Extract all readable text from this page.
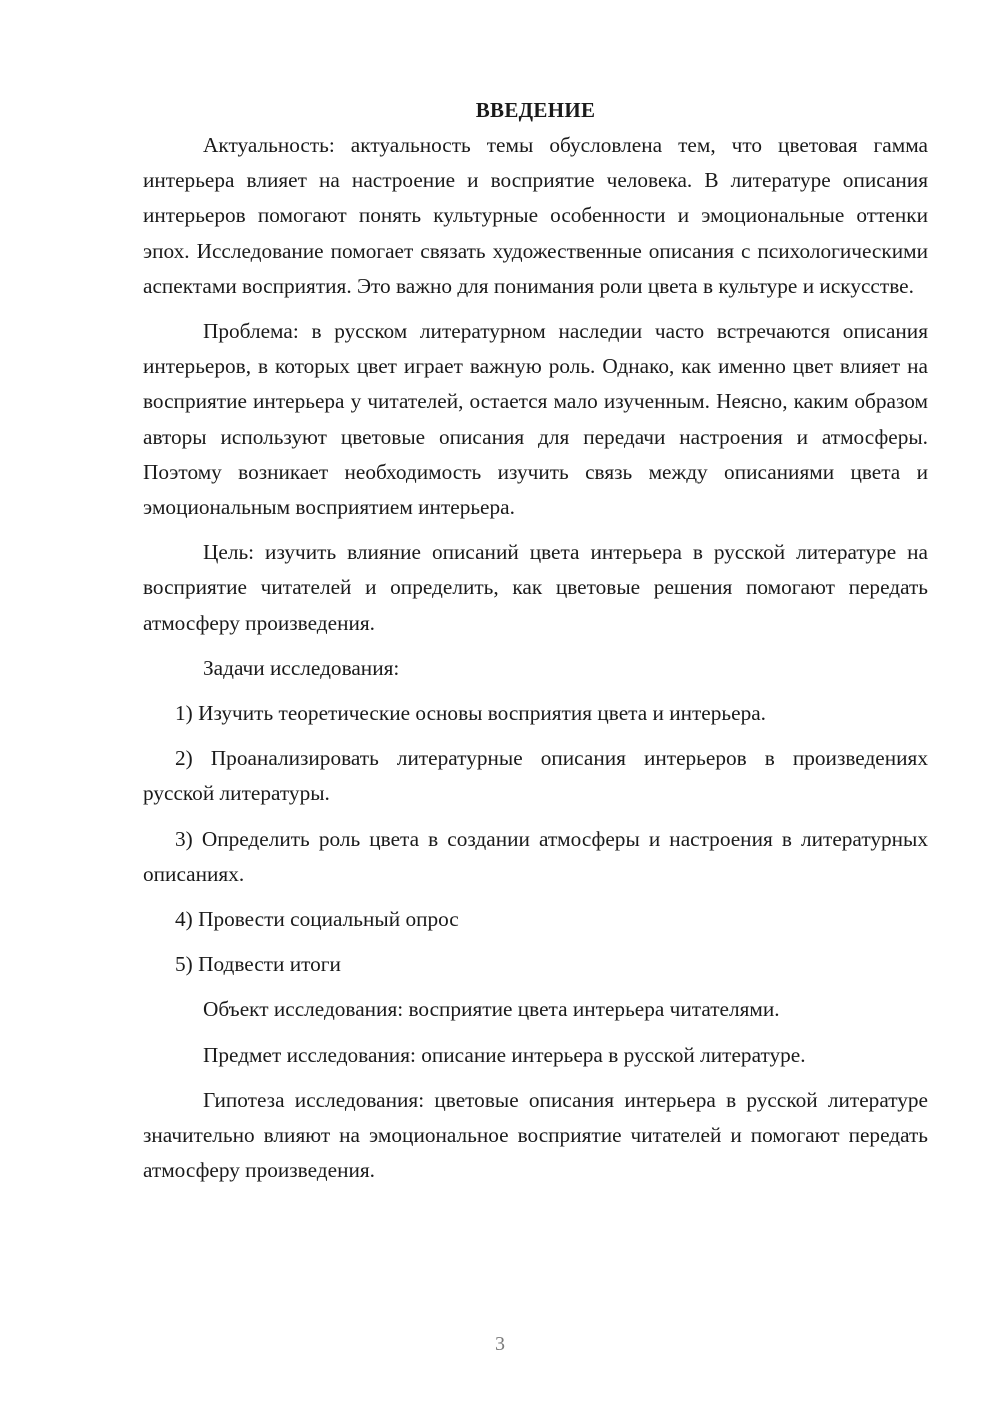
ВВЕДЕНИЕ

Актуальность: актуальность темы обусловлена тем, что цветовая гамма интерьера влияет на настроение и восприятие человека. В литературе описания интерьеров помогают понять культурные особенности и эмоциональные оттенки эпох. Исследование помогает связать художественные описания с психологическими аспектами восприятия. Это важно для понимания роли цвета в культуре и искусстве.

Проблема: в русском литературном наследии часто встречаются описания интерьеров, в которых цвет играет важную роль. Однако, как именно цвет влияет на восприятие интерьера у читателей, остается мало изученным. Неясно, каким образом авторы используют цветовые описания для передачи настроения и атмосферы. Поэтому возникает необходимость изучить связь между описаниями цвета и эмоциональным восприятием интерьера.

Цель: изучить влияние описаний цвета интерьера в русской литературе на восприятие читателей и определить, как цветовые решения помогают передать атмосферу произведения.

Задачи исследования:

1) Изучить теоретические основы восприятия цвета и интерьера.

2) Проанализировать литературные описания интерьеров в произведениях русской литературы.

3) Определить роль цвета в создании атмосферы и настроения в литературных описаниях.

4) Провести социальный опрос

5) Подвести итоги

Объект исследования: восприятие цвета интерьера читателями.

Предмет исследования: описание интерьера в русской литературе.

Гипотеза исследования: цветовые описания интерьера в русской литературе значительно влияют на эмоциональное восприятие читателей и помогают передать атмосферу произведения.

3
